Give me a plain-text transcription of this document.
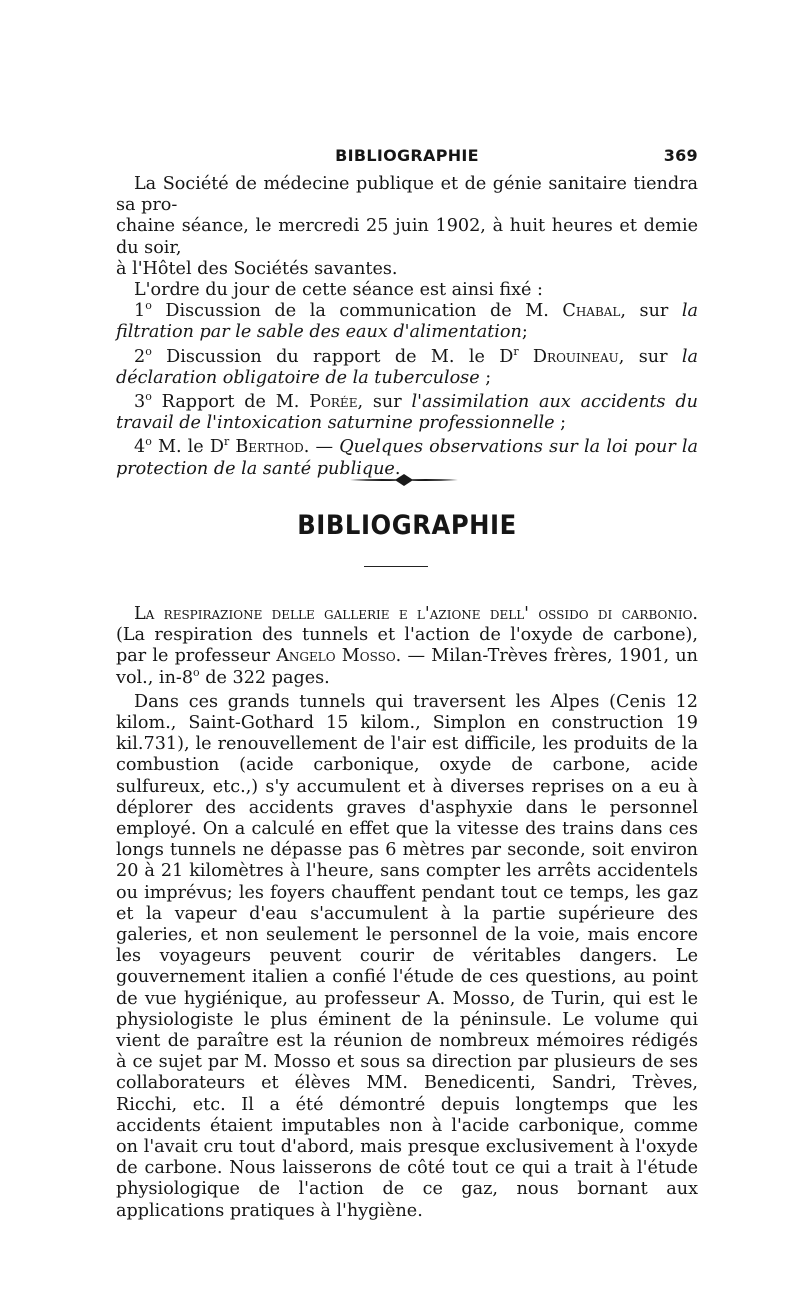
BIBLIOGRAPHIE	369

La Société de médecine publique et de génie sanitaire tiendra sa pro-
chaine séance, le mercredi 25 juin 1902, à huit heures et demie du soir,
à l'Hôtel des Sociétés savantes.

L'ordre du jour de cette séance est ainsi fixé :

1$^o$ Discussion de la communication de M. Chabal, sur la filtration par le sable des eaux d'alimentation;

2$^o$ Discussion du rapport de M. le $D^r$ Drouineau, sur la déclaration obligatoire de la tuberculose ;

3$^o$ Rapport de M. Porée, sur l'assimilation aux accidents du travail de l'intoxication saturnine professionnelle ;

4$^o$ M. le $D^r$ Berthod. — Quelques observations sur la loi pour la protection de la santé publique.

BIBLIOGRAPHIE

La respirazione delle gallerie e l'azione dell' ossido di carbonio. (La respiration des tunnels et l'action de l'oxyde de carbone), par le professeur Angelo Mosso. — Milan-Trèves frères, 1901, un vol., in-8$^o$ de 322 pages.

Dans ces grands tunnels qui traversent les Alpes (Cenis 12 kilom., Saint-Gothard 15 kilom., Simplon en construction 19 kil.731), le renouvellement de l'air est difficile, les produits de la combustion (acide carbonique, oxyde de carbone, acide sulfureux, etc.,) s'y accumulent et à diverses reprises on a eu à déplorer des accidents graves d'asphyxie dans le personnel employé. On a calculé en effet que la vitesse des trains dans ces longs tunnels ne dépasse pas 6 mètres par seconde, soit environ 20 à 21 kilomètres à l'heure, sans compter les arrêts accidentels ou imprévus; les foyers chauffent pendant tout ce temps, les gaz et la vapeur d'eau s'accumulent à la partie supérieure des galeries, et non seulement le personnel de la voie, mais encore les voyageurs peuvent courir de véritables dangers. Le gouvernement italien a confié l'étude de ces questions, au point de vue hygiénique, au professeur A. Mosso, de Turin, qui est le physiologiste le plus éminent de la péninsule. Le volume qui vient de paraître est la réunion de nombreux mémoires rédigés à ce sujet par M. Mosso et sous sa direction par plusieurs de ses collaborateurs et élèves MM. Benedicenti, Sandri, Trèves, Ricchi, etc. Il a été démontré depuis longtemps que les accidents étaient imputables non à l'acide carbonique, comme on l'avait cru tout d'abord, mais presque exclusivement à l'oxyde de carbone. Nous laisserons de côté tout ce qui a trait à l'étude physiologique de l'action de ce gaz, nous bornant aux applications pratiques à l'hygiène.
